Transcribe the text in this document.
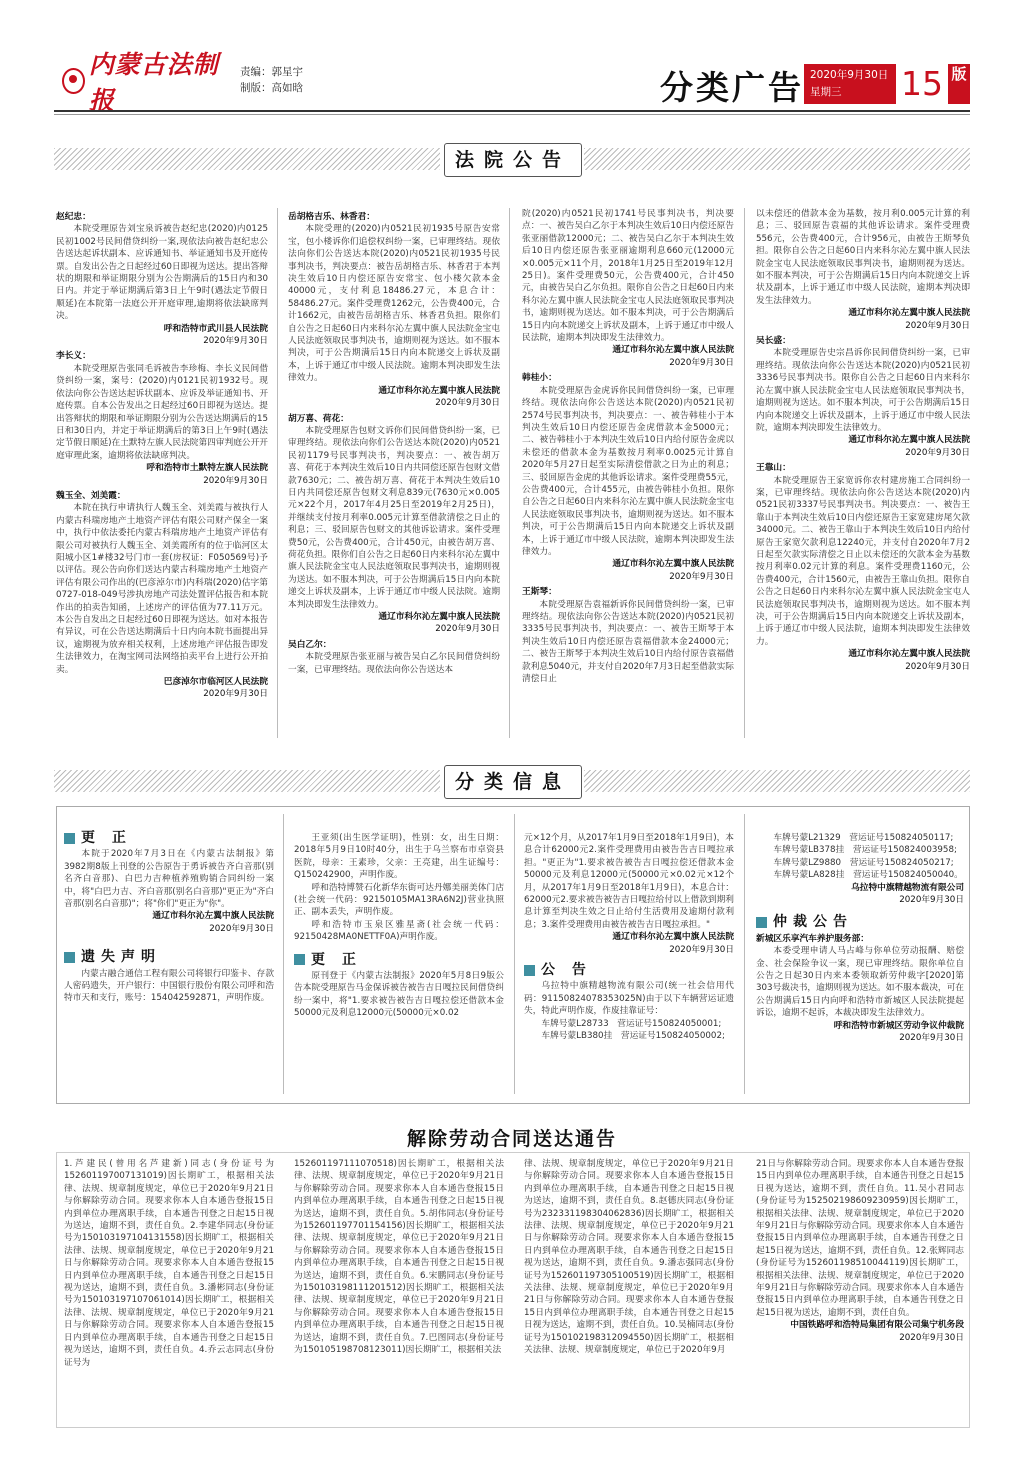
内蒙古法制报
责编：郭星宇
制版：高如晗	分类广告 2020年9月30日
星期三	15 版
法院公告
赵纪忠：

本院受理原告刘宝泉诉被告赵纪忠(2020)内0125民初1002号民间借贷纠纷一案,现依法向被告赵纪忠公告送达起诉状副本、应诉通知书、举证通知书及开庭传票。自发出公告之日起经过60日即视为送达。提出答辩状的期限和举证期限分别为公告期满后的15日内和30日内。并定于举证期满后第3日上午9时(遇法定节假日顺延)在本院第一法庭公开开庭审理,逾期将依法缺席判决。

呼和浩特市武川县人民法院
2020年9月30日
李长义：

本院受理原告张同毛诉被告李珍梅、李长义民间借贷纠纷一案，案号：(2020)内0121民初1932号。现依法向你公告送达起诉状副本、应诉及举证通知书、开庭传票。自本公告发出之日起经过60日即视为送达。提出答辩状的期限和举证期限分别为公告送达期满后的15日和30日内，并定于举证期满后的第3日上午9时(遇法定节假日顺延)在土默特左旗人民法院第四审判庭公开开庭审理此案，逾期将依法缺席判决。

呼和浩特市土默特左旗人民法院
2020年9月30日
魏玉全、刘美霞：

本院在执行申请执行人魏玉全、刘美霞与被执行人内蒙古科瑞房地产土地资产评估有限公司财产保全一案中，执行中依法委托内蒙古科瑞房地产土地资产评估有限公司对被执行人魏玉全、刘美霞所有的位于临河区太阳城小区1#楼32号门市一套(房权证：F050569号)予以评估。现公告向你们送达内蒙古科瑞房地产土地资产评估有限公司作出的(巴彦淖尔市)内科瑞(2020)估字第0727-018-049号涉执房地产司法处置评估报告和本院作出的拍卖告知函，上述房产的评估值为77.11万元。本公告自发出之日起经过60日即视为送达。如对本报告有异议，可在公告送达期满后十日内向本院书面提出异议，逾期视为放弃相关权利，上述房地产评估报告即发生法律效力，在淘宝网司法网络拍卖平台上进行公开拍卖。

巴彦淖尔市临河区人民法院
2020年9月30日
岳胡格吉乐、林香君：

本院受理的(2020)内0521民初1935号原告安常宝，包小楼诉你们追偿权纠纷一案，已审理终结。现依法向你们公告送达本院(2020)内0521民初1935号民事判决书，判决要点：被告岳胡格吉乐、林香君于本判决生效后10日内偿还原告安常宝、包小楼欠款本金40000元，支付利息18486.27元，本息合计：58486.27元。案件受理费1262元，公告费400元，合计1662元，由被告岳胡格吉乐、林香君负担。限你们自公告之日起60日内来科尔沁左翼中旗人民法院金宝屯人民法庭领取民事判决书，逾期则视为送达。如不服本判决，可于公告期满后15日内向本院递交上诉状及副本，上诉于通辽市中级人民法院。逾期本判决即发生法律效力。

通辽市科尔沁左翼中旗人民法院
2020年9月30日
胡万喜、荷花：

本院受理原告包财文诉你们民间借贷纠纷一案，已审理终结。现依法向你们公告送达本院(2020)内0521民初1179号民事判决书，判决要点：一、被告胡万喜、荷花于本判决生效后10日内共同偿还原告包财文借款7630元；二、被告胡万喜、荷花于本判决生效后10日内共同偿还原告包财文利息839元(7630元×0.005元×22个月，2017年4月25日至2019年2月25日)，并继续支付按月利率0.005元计算至借款清偿之日止的利息；三、驳回原告包财文的其他诉讼请求。案件受理费50元，公告费400元，合计450元，由被告胡万喜、荷花负担。限你们自公告之日起60日内来科尔沁左翼中旗人民法院金宝屯人民法庭领取民事判决书，逾期则视为送达。如不服本判决，可于公告期满后15日内向本院递交上诉状及副本，上诉于通辽市中级人民法院。逾期本判决即发生法律效力。

通辽市科尔沁左翼中旗人民法院
2020年9月30日
吴白乙尔：

本院受理原告张亚丽与被告吴白乙尔民间借贷纠纷一案，已审理终结。现依法向你公告送达本

院(2020)内0521民初1741号民事判决书，判决要点：一、被告吴白乙尔于本判决生效后10日内偿还原告张亚丽借款12000元；二、被告吴白乙尔于本判决生效后10日内偿还原告张亚丽逾期利息660元(12000元×0.005元×11个月，2018年1月25日至2019年12月25日)。案件受理费50元，公告费400元，合计450元，由被告吴白乙尔负担。限你自公告之日起60日内来科尔沁左翼中旗人民法院金宝屯人民法庭领取民事判决书，逾期则视为送达。如不服本判决，可于公告期满后15日内向本院递交上诉状及副本，上诉于通辽市中级人民法院，逾期本判决即发生法律效力。

通辽市科尔沁左翼中旗人民法院
2020年9月30日
韩桂小：

本院受理原告金虎诉你民间借贷纠纷一案，已审理终结。现依法向你公告送达本院(2020)内0521民初2574号民事判决书，判决要点：一、被告韩桂小于本判决生效后10日内偿还原告金虎借款本金5000元；二、被告韩桂小于本判决生效后10日内给付原告金虎以未偿还的借款本金为基数按月利率0.0025元计算自2020年5月27日起至实际清偿借款之日为止的利息；三、驳回原告金虎的其他诉讼请求。案件受理费55元，公告费400元，合计455元，由被告韩桂小负担。限你自公告之日起60日内来科尔沁左翼中旗人民法院金宝屯人民法庭领取民事判决书，逾期则视为送达。如不服本判决，可于公告期满后15日内向本院递交上诉状及副本，上诉于通辽市中级人民法院，逾期本判决即发生法律效力。

通辽市科尔沁左翼中旗人民法院
2020年9月30日
王斯琴：

本院受理原告袁福新诉你民间借贷纠纷一案，已审理终结。现依法向你公告送达本院(2020)内0521民初3335号民事判决书，判决要点：一、被告王斯琴于本判决生效后10日内偿还原告袁福借款本金24000元；二、被告王斯琴于本判决生效后10日内给付原告袁福借款利息5040元，并支付自2020年7月3日起至借款实际清偿日止

以未偿还的借款本金为基数，按月利0.005元计算的利息；三、驳回原告袁福的其他诉讼请求。案件受理费556元，公告费400元，合计956元，由被告王斯琴负担。限你自公告之日起60日内来科尔沁左翼中旗人民法院金宝屯人民法庭领取民事判决书，逾期则视为送达。如不服本判决，可于公告期满后15日内向本院递交上诉状及副本，上诉于通辽市中级人民法院，逾期本判决即发生法律效力。

通辽市科尔沁左翼中旗人民法院
2020年9月30日
吴长盛：

本院受理原告史宗昌诉你民间借贷纠纷一案，已审理终结。现依法向你公告送达本院(2020)内0521民初3336号民事判决书。限你自公告之日起60日内来科尔沁左翼中旗人民法院金宝屯人民法庭领取民事判决书，逾期则视为送达。如不服本判决，可于公告期满后15日内向本院递交上诉状及副本，上诉于通辽市中级人民法院，逾期本判决即发生法律效力。

通辽市科尔沁左翼中旗人民法院
2020年9月30日
王靠山：

本院受理原告王家宽诉你农村建房施工合同纠纷一案，已审理终结。现依法向你公告送达本院(2020)内0521民初3337号民事判决书。判决要点：一、被告王靠山于本判决生效后10日内偿还原告王家宽建房尾欠款34000元。二、被告王靠山于本判决生效后10日内给付原告王家宽欠款利息12240元，并支付自2020年7月2日起至欠款实际清偿之日止以未偿还的欠款本金为基数按月利率0.02元计算的利息。案件受理费1160元，公告费400元，合计1560元，由被告王靠山负担。限你自公告之日起60日内来科尔沁左翼中旗人民法院金宝屯人民法庭领取民事判决书，逾期则视为送达。如不服本判决，可于公告期满后15日内向本院递交上诉状及副本，上诉于通辽市中级人民法院，逾期本判决即发生法律效力。

通辽市科尔沁左翼中旗人民法院
2020年9月30日
分类信息
更 正

本院于2020年7月3日在《内蒙古法制报》第3982期8版上刊登的公告原告于勇诉被告齐白音那(别名齐白音那)、白巴力吉种植养殖购销合同纠纷一案中，将"白巴力吉、齐白音那(别名白音那)"更正为"齐白音那(别名白音那)"；将"你们"更正为"你"。

通辽市科尔沁左翼中旗人民法院
2020年9月30日
遗失声明

内蒙古融合通信工程有限公司将银行印鉴卡、存款人密码遗失，开户银行：中国银行股份有限公司呼和浩特市天和支行，账号：154042592871，声明作废。

王亚须(出生医学证明)，性别：女，出生日期：2018年5月9日10时40分，出生于乌兰察布市卓资县医院，母亲：王素珍，父亲：王亮建，出生证编号：Q150242900，声明作废。

呼和浩特博赞石化新华东街可达丹娜美丽美体门店(社会统一代码：92150105MA13RA6N2J)营业执照正、副本丢失，声明作废。

呼和浩特市玉泉区雅星斋(社会统一代码：92150428MA0NETTF0A)声明作废。

更 正

原刊登于《内蒙古法制报》2020年5月8日9版公告本院受理原告马金保诉被告被告吉日嘎拉民间借贷纠纷一案中，将"1.要求被告被告吉日嘎拉偿还借款本金50000元及利息12000元(50000元×0.02

元×12个月，从2017年1月9日至2018年1月9日)，本息合计62000元2.案件受理费用由被告告吉日嘎拉承担。"更正为"1.要求被告被告吉日嘎拉偿还借款本金50000元及利息12000元(50000元×0.02元×12个月，从2017年1月9日至2018年1月9日)，本息合计：62000元2.要求被告被告吉日嘎拉给付以上借款到期利息计算至判决生效之日止给付生活费用及逾期付款利息；3.案件受理费用由被告被告吉日嘎拉承担。"

通辽市科尔沁左翼中旗人民法院
2020年9月30日
公 告

乌拉特中旗精越物流有限公司(统一社会信用代码：91150824078353025N)由于以下车辆营运证遗失，特此声明作废，作废挂靠证号：

车牌号蒙L28733　营运证号150824050001;

车牌号蒙LB380挂　营运证号150824050002;

车牌号蒙L21329　营运证号150824050117;

车牌号蒙LB378挂　营运证号150824003958;

车牌号蒙LZ9880　营运证号150824050217;

车牌号蒙LA828挂　营运证号150824050040。

乌拉特中旗精越物流有限公司
2020年9月30日
仲裁公告
新城区乐享汽车养护服务部：

本委受理申请人马占峰与你单位劳动报酬、赔偿金、社会保险争议一案，现已审理终结。限你单位自公告之日起30日内来本委领取新劳仲裁字[2020]第303号裁决书，逾期则视为送达。如不服本裁决，可在公告期满后15日内向呼和浩特市新城区人民法院提起诉讼，逾期不起诉，本裁决即发生法律效力。

呼和浩特市新城区劳动争议仲裁院
2020年9月30日
解除劳动合同送达通告

1.芦建民(曾用名芦建新)同志(身份证号为152601197007131019)因长期旷工，根据相关法律、法规、规章制度规定，单位已于2020年9月21日与你解除劳动合同。现要求你本人自本通告登报15日内到单位办理离职手续，自本通告刊登之日起15日视为送达，逾期不到，责任自负。2.李建华同志(身份证号为150103197104131558)因长期旷工，根据相关法律、法规、规章制度规定，单位已于2020年9月21日与你解除劳动合同。现要求你本人自本通告登报15日内到单位办理离职手续，自本通告刊登之日起15日视为送达，逾期不到，责任自负。3.潘彬同志(身份证号为150103197107061014)因长期旷工，根据相关法律、法规、规章制度规定，单位已于2020年9月21日与你解除劳动合同。现要求你本人自本通告登报15日内到单位办理离职手续，自本通告刊登之日起15日视为送达，逾期不到，责任自负。4.乔云志同志(身份证号为

152601197111070518)因长期旷工，根据相关法律、法规、规章制度规定，单位已于2020年9月21日与你解除劳动合同。现要求你本人自本通告登报15日内到单位办理离职手续，自本通告刊登之日起15日视为送达，逾期不到，责任自负。5.胡伟同志(身份证号为152601197701154156)因长期旷工，根据相关法律、法规、规章制度规定，单位已于2020年9月21日与你解除劳动合同。现要求你本人自本通告登报15日内到单位办理离职手续，自本通告刊登之日起15日视为送达，逾期不到，责任自负。6.宋鹏同志(身份证号为150103198111201512)因长期旷工，根据相关法律、法规、规章制度规定，单位已于2020年9月21日与你解除劳动合同。现要求你本人自本通告登报15日内到单位办理离职手续，自本通告刊登之日起15日视为送达，逾期不到，责任自负。7.巴图同志(身份证号为150105198708123011)因长期旷工，根据相关法

律、法规、规章制度规定，单位已于2020年9月21日与你解除劳动合同。现要求你本人自本通告登报15日内到单位办理离职手续，自本通告刊登之日起15日视为送达，逾期不到，责任自负。8.赵德庆同志(身份证号为232331198304062836)因长期旷工，根据相关法律、法规、规章制度规定，单位已于2020年9月21日与你解除劳动合同。现要求你本人自本通告登报15日内到单位办理离职手续，自本通告刊登之日起15日视为送达，逾期不到，责任自负。9.潘志强同志(身份证号为152601197305100519)因长期旷工，根据相关法律、法规、规章制度规定，单位已于2020年9月21日与你解除劳动合同。现要求你本人自本通告登报15日内到单位办理离职手续，自本通告刊登之日起15日视为送达，逾期不到，责任自负。10.吴楠同志(身份证号为150102198312094550)因长期旷工，根据相关法律、法规、规章制度规定，单位已于2020年9月

21日与你解除劳动合同。现要求你本人自本通告登报15日内到单位办理离职手续，自本通告刊登之日起15日视为送达，逾期不到，责任自负。11.吴小君同志(身份证号为152502198609230959)因长期旷工，根据相关法律、法规、规章制度规定，单位已于2020年9月21日与你解除劳动合同。现要求你本人自本通告登报15日内到单位办理离职手续，自本通告刊登之日起15日视为送达，逾期不到，责任自负。12.张辉同志(身份证号为152601198510044119)因长期旷工，根据相关法律、法规、规章制度规定，单位已于2020年9月21日与你解除劳动合同。现要求你本人自本通告登报15日内到单位办理离职手续，自本通告刊登之日起15日视为送达，逾期不到，责任自负。

中国铁路呼和浩特局集团有限公司集宁机务段
2020年9月30日
